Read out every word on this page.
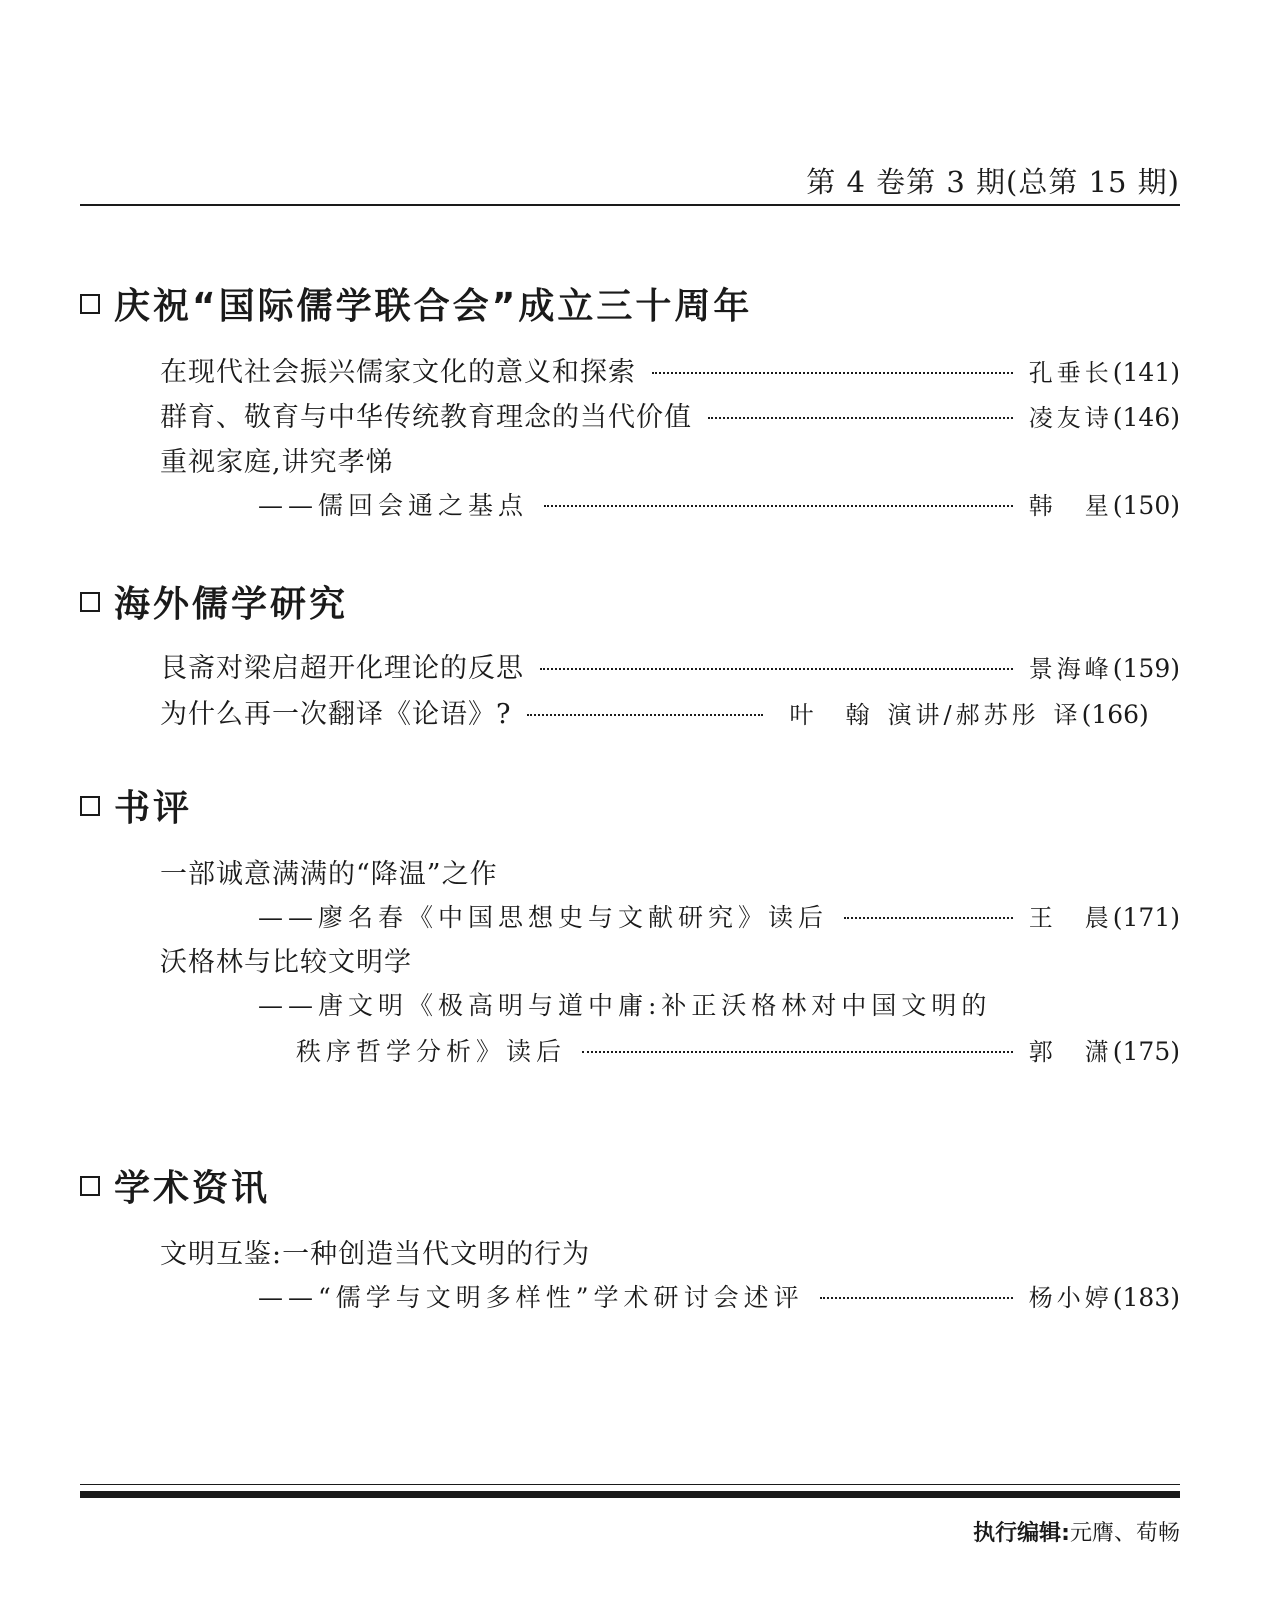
第 4 卷第 3 期(总第 15 期)
庆祝“国际儒学联合会”成立三十周年
在现代社会振兴儒家文化的意义和探索	孔垂长 (141)
群育、敬育与中华传统教育理念的当代价值	凌友诗 (146)
重视家庭,讲究孝悌
——儒回会通之基点	韩　星 (150)
海外儒学研究
艮斋对梁启超开化理论的反思	景海峰 (159)
为什么再一次翻译《论语》?	叶　翰 演讲 /郝苏彤 译 (166)
书评
一部诚意满满的“降温”之作
——廖名春《中国思想史与文献研究》读后	王　晨 (171)
沃格林与比较文明学
——唐文明《极高明与道中庸:补正沃格林对中国文明的
秩序哲学分析》读后	郭　潇 (175)
学术资讯
文明互鉴:一种创造当代文明的行为
——“儒学与文明多样性”学术研讨会述评	杨小婷 (183)
执行编辑:元膺、荀畅
